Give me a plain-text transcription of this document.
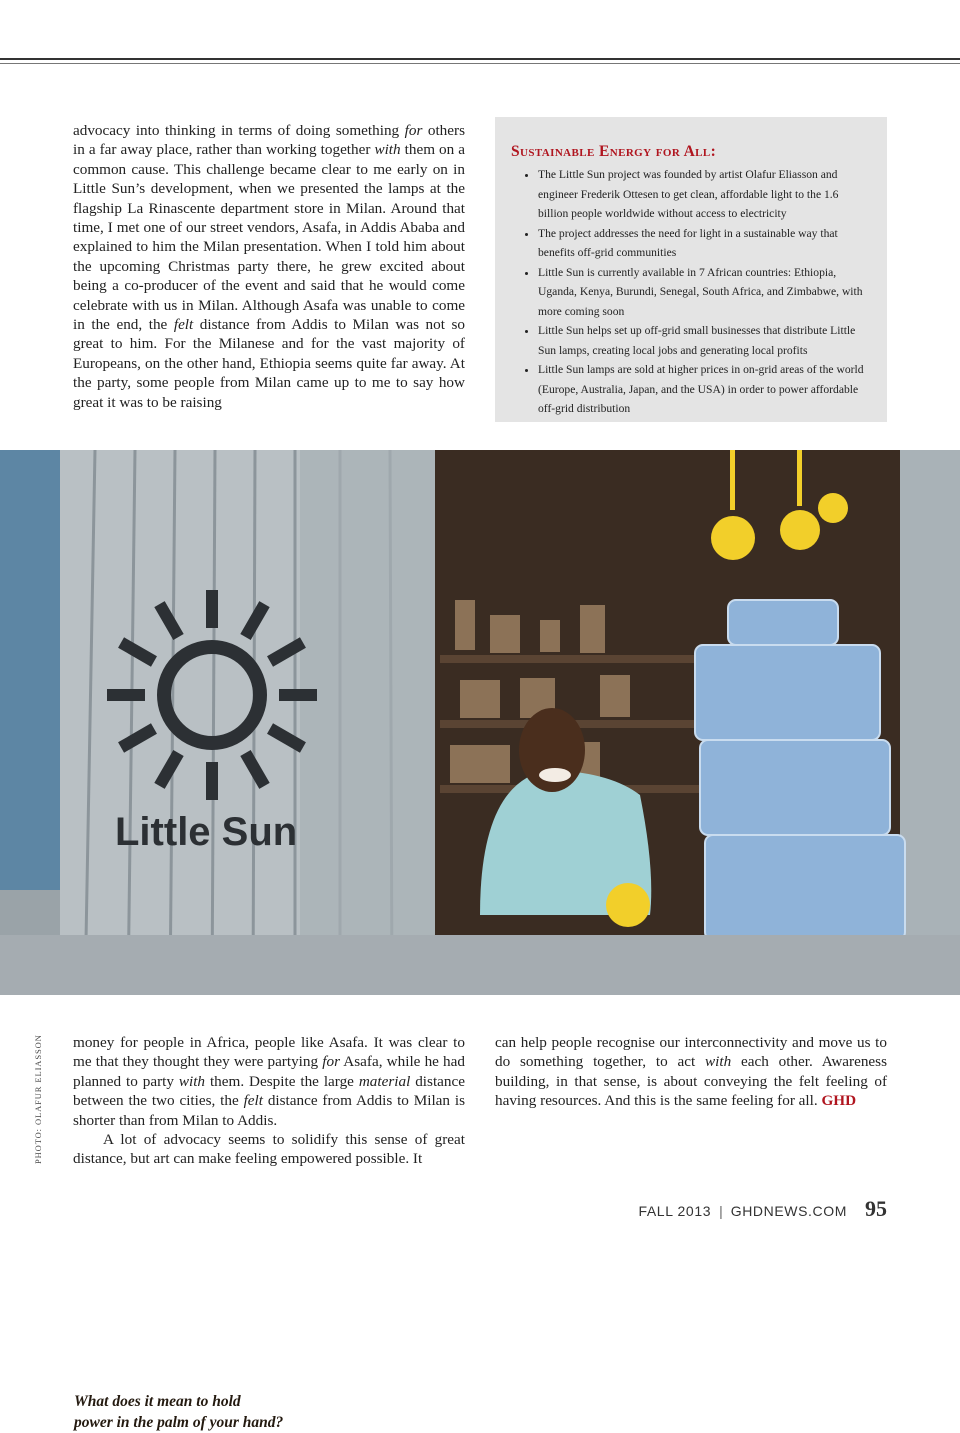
advocacy into thinking in terms of doing something for others in a far away place, rather than working together with them on a common cause. This challenge became clear to me early on in Little Sun’s development, when we presented the lamps at the flagship La Rinascente department store in Milan. Around that time, I met one of our street vendors, Asafa, in Addis Ababa and explained to him the Milan presentation. When I told him about the upcoming Christmas party there, he grew excited about being a co-producer of the event and said that he would come celebrate with us in Milan. Although Asafa was unable to come in the end, the felt distance from Addis to Milan was not so great to him. For the Milanese and for the vast majority of Europeans, on the other hand, Ethiopia seems quite far away. At the party, some people from Milan came up to me to say how great it was to be raising

Sustainable Energy for All:
• The Little Sun project was founded by artist Olafur Eliasson and engineer Frederik Ottesen to get clean, affordable light to the 1.6 billion people worldwide without access to electricity
• The project addresses the need for light in a sustainable way that benefits off-grid communities
• Little Sun is currently available in 7 African countries: Ethiopia, Uganda, Kenya, Burundi, Senegal, South Africa, and Zimbabwe, with more coming soon
• Little Sun helps set up off-grid small businesses that distribute Little Sun lamps, creating local jobs and generating local profits
• Little Sun lamps are sold at higher prices in on-grid areas of the world (Europe, Australia, Japan, and the USA) in order to power affordable off-grid distribution
Little Sun
What does it mean to hold
power in the palm of your hand?
PHOTO: OLAFUR ELIASSON money for people in Africa, people like Asafa. It was clear to me that they thought they were partying for Asafa, while he had planned to party with them. Despite the large material distance between the two cities, the felt distance from Addis to Milan is shorter than from Milan to Addis.

A lot of advocacy seems to solidify this sense of great distance, but art can make feeling empowered possible. It

can help people recognise our interconnectivity and move us to do something together, to act with each other. Awareness building, in that sense, is about conveying the felt feeling of having resources. And this is the same feeling for all. GHD

FALL 2013 | GHDNEWS.COM 95
